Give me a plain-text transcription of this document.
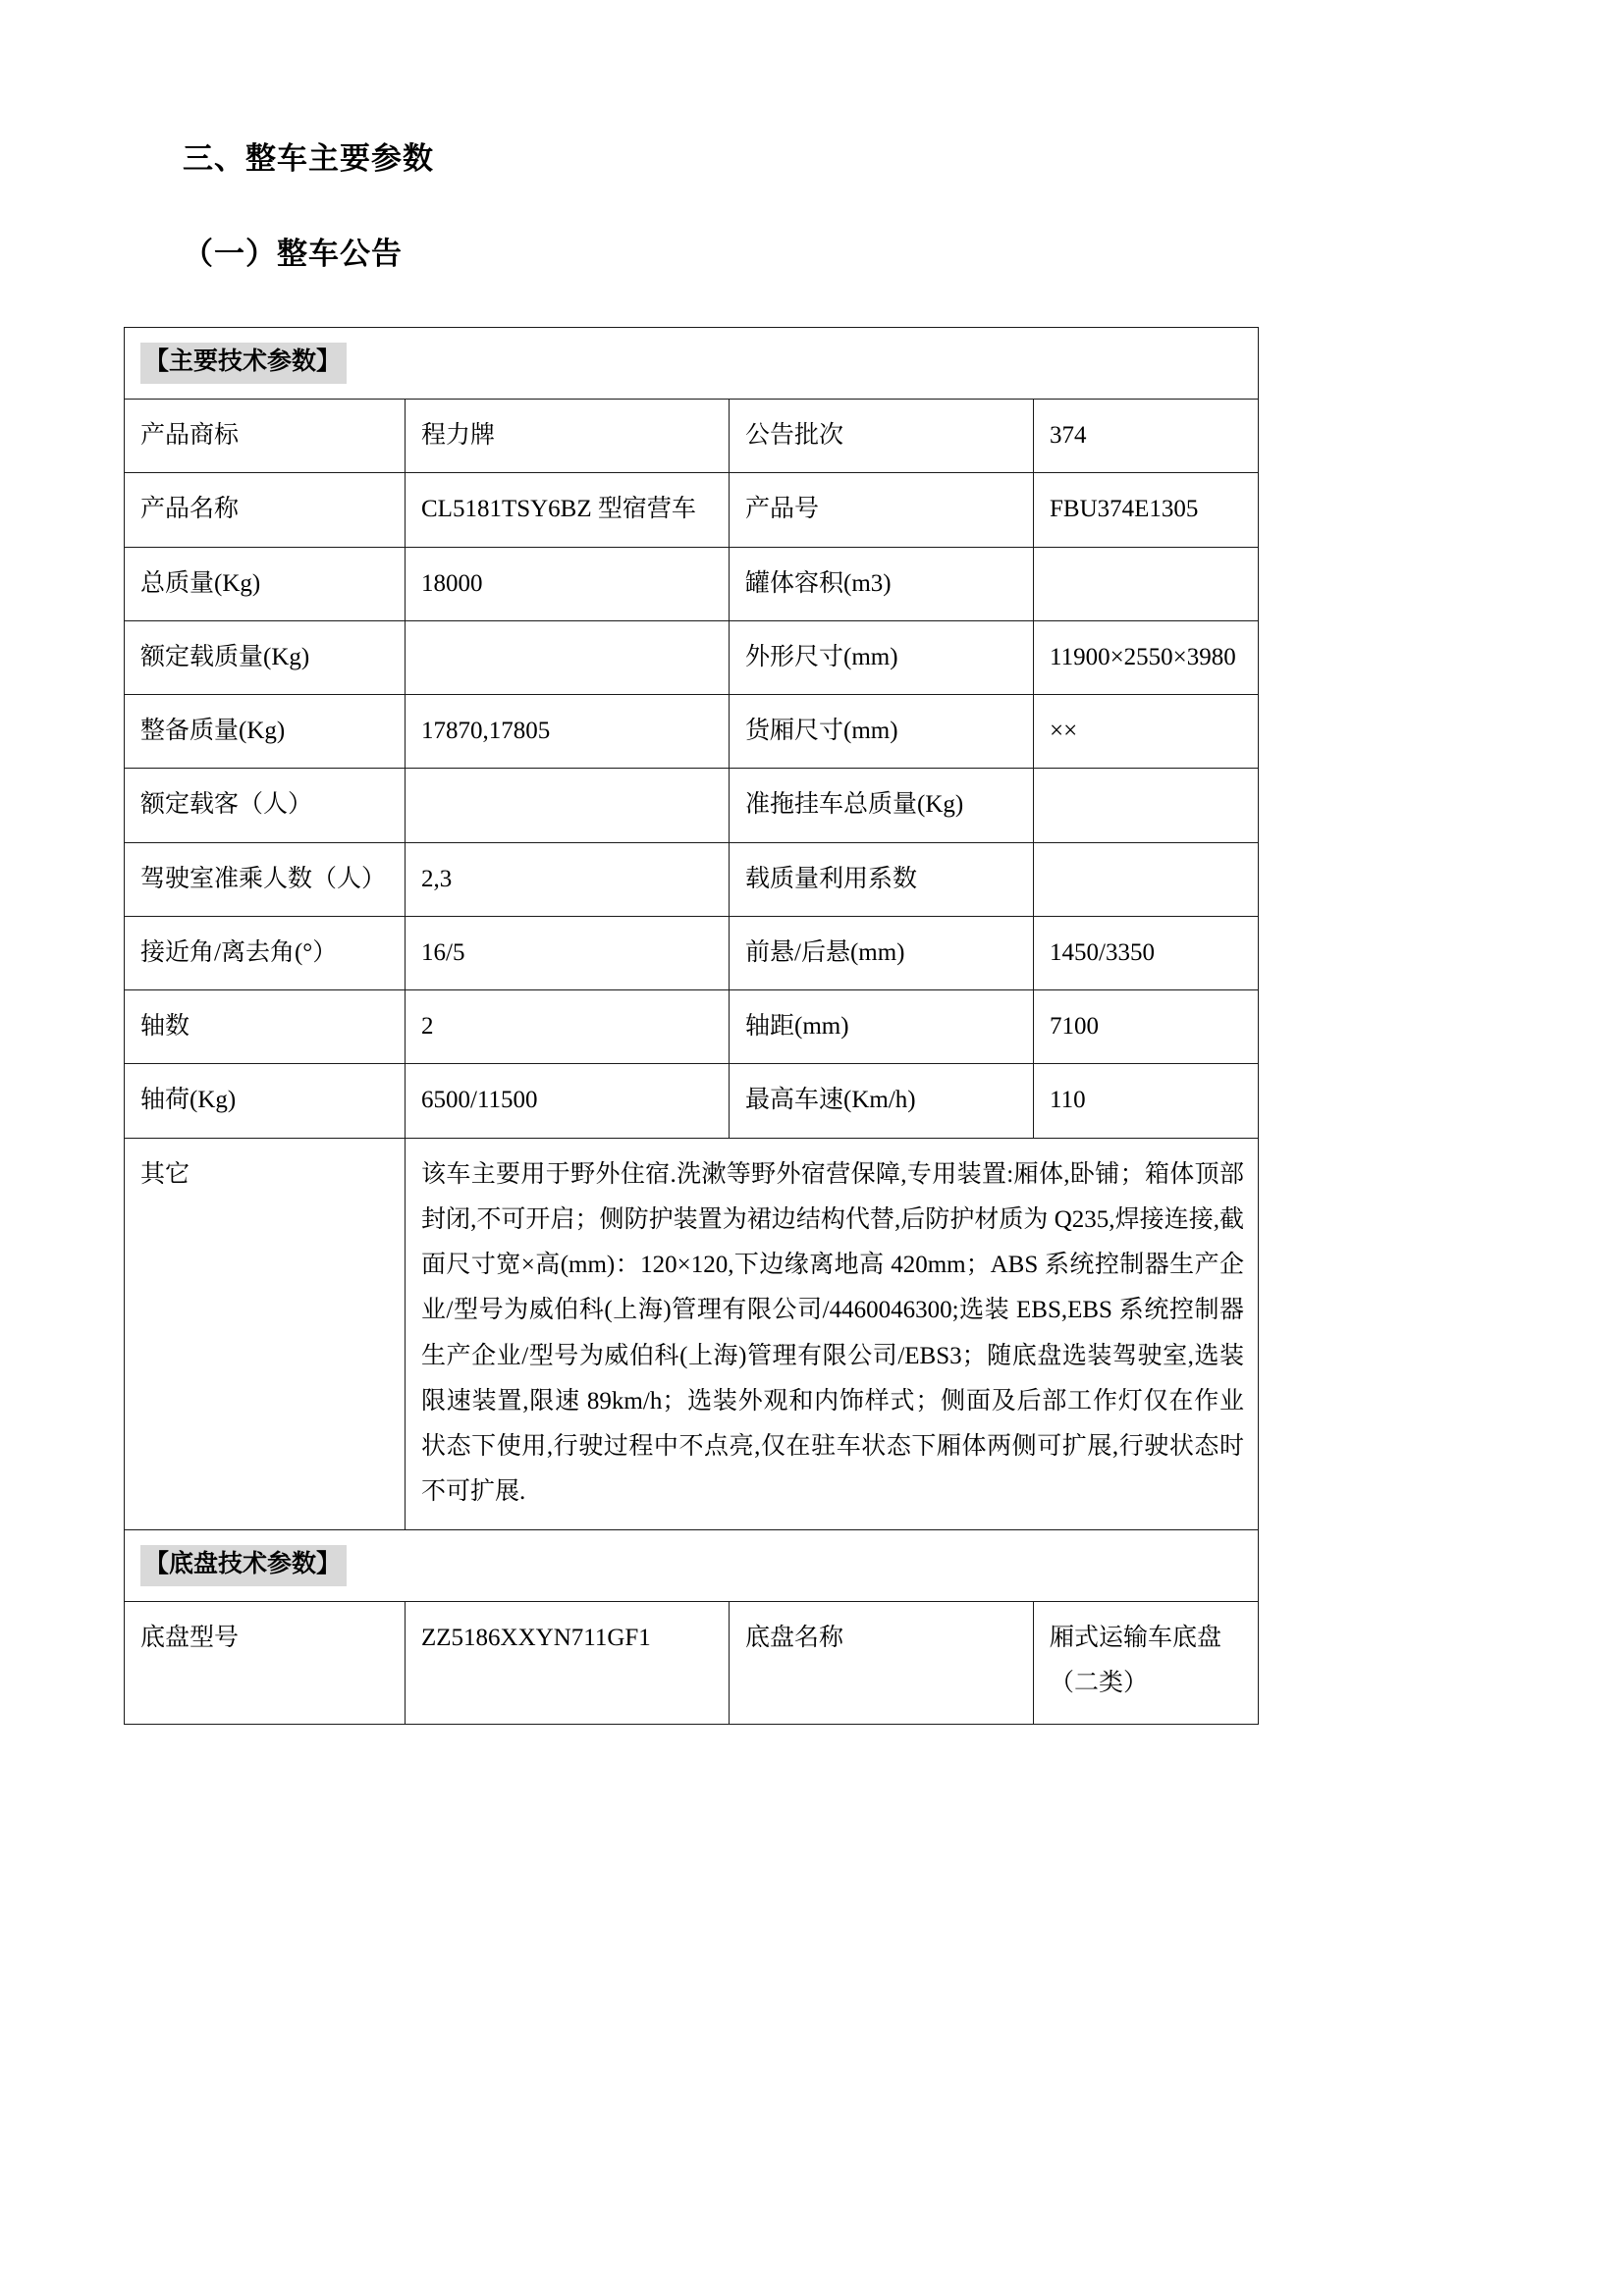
三、整车主要参数
（一）整车公告
【主要技术参数】			
产品商标	程力牌	公告批次	374
产品名称	CL5181TSY6BZ 型宿营车	产品号	FBU374E1305
总质量(Kg)	18000	罐体容积(m3)	
额定载质量(Kg)		外形尺寸(mm)	11900×2550×3980
整备质量(Kg)	17870,17805	货厢尺寸(mm)	××
额定载客（人）		准拖挂车总质量(Kg)	
驾驶室准乘人数（人）	2,3	载质量利用系数	
接近角/离去角(°）	16/5	前悬/后悬(mm)	1450/3350
轴数	2	轴距(mm)	7100
轴荷(Kg)	6500/11500	最高车速(Km/h)	110
其它	该车主要用于野外住宿.洗漱等野外宿营保障,专用装置:厢体,卧铺；箱体顶部封闭,不可开启；侧防护装置为裙边结构代替,后防护材质为 Q235,焊接连接,截面尺寸宽×高(mm)：120×120,下边缘离地高 420mm；ABS 系统控制器生产企业/型号为威伯科(上海)管理有限公司/4460046300;选装 EBS,EBS 系统控制器生产企业/型号为威伯科(上海)管理有限公司/EBS3；随底盘选装驾驶室,选装限速装置,限速 89km/h；选装外观和内饰样式；侧面及后部工作灯仅在作业状态下使用,行驶过程中不点亮,仅在驻车状态下厢体两侧可扩展,行驶状态时不可扩展.		

【底盘技术参数】			
底盘型号	ZZ5186XXYN711GF1	底盘名称	厢式运输车底盘（二类）
